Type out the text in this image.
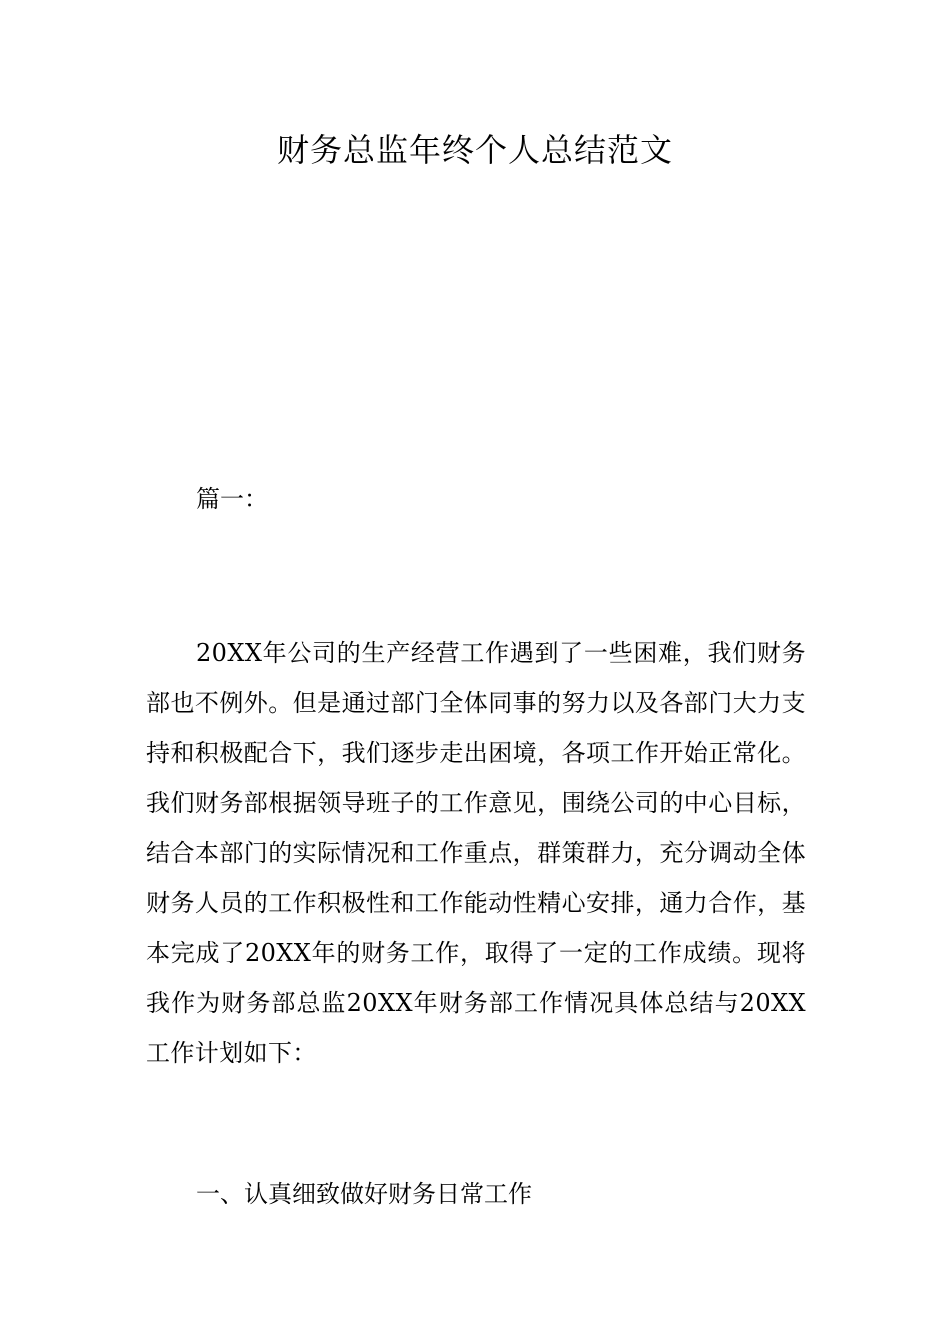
财务总监年终个人总结范文

篇一：

20XX年公司的生产经营工作遇到了一些困难，我们财务部也不例外。但是通过部门全体同事的努力以及各部门大力支持和积极配合下，我们逐步走出困境，各项工作开始正常化。我们财务部根据领导班子的工作意见，围绕公司的中心目标，结合本部门的实际情况和工作重点，群策群力，充分调动全体财务人员的工作积极性和工作能动性精心安排，通力合作，基本完成了20XX年的财务工作，取得了一定的工作成绩。现将我作为财务部总监20XX年财务部工作情况具体总结与20XX工作计划如下：

一、认真细致做好财务日常工作
